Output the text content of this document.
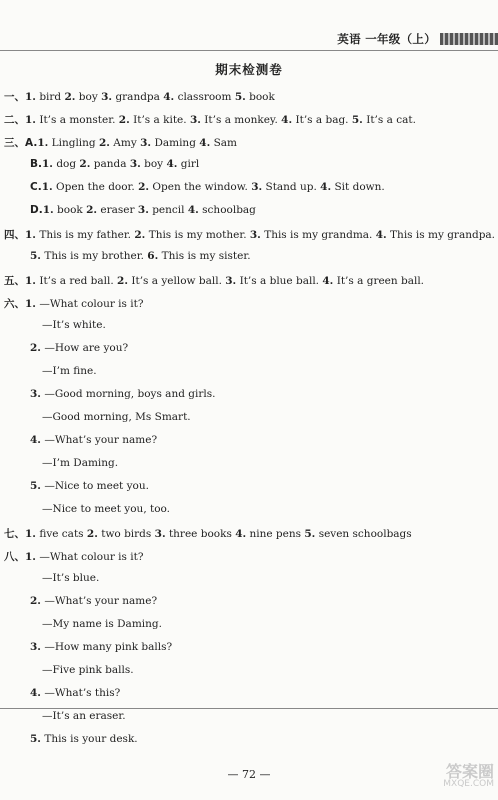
英语 一年级（上）
期末检测卷
一、1. bird 2. boy 3. grandpa 4. classroom 5. book
二、1. It’s a monster. 2. It’s a kite. 3. It’s a monkey. 4. It’s a bag. 5. It’s a cat.
三、A.1. Lingling 2. Amy 3. Daming 4. Sam
B.1. dog 2. panda 3. boy 4. girl
C.1. Open the door. 2. Open the window. 3. Stand up. 4. Sit down.
D.1. book 2. eraser 3. pencil 4. schoolbag
四、1. This is my father. 2. This is my mother. 3. This is my grandma. 4. This is my grandpa.
5. This is my brother. 6. This is my sister.
五、1. It’s a red ball. 2. It’s a yellow ball. 3. It’s a blue ball. 4. It’s a green ball.
六、1. —What colour is it?
—It’s white.
2. —How are you?
—I’m fine.
3. —Good morning, boys and girls.
—Good morning, Ms Smart.
4. —What’s your name?
—I’m Daming.
5. —Nice to meet you.
—Nice to meet you, too.
七、1. five cats 2. two birds 3. three books 4. nine pens 5. seven schoolbags
八、1. —What colour is it?
—It’s blue.
2. —What’s your name?
—My name is Daming.
3. —How many pink balls?
—Five pink balls.
4. —What’s this?
—It’s an eraser.
5. This is your desk.
— 72 —	答案圈
MXQE.COM
